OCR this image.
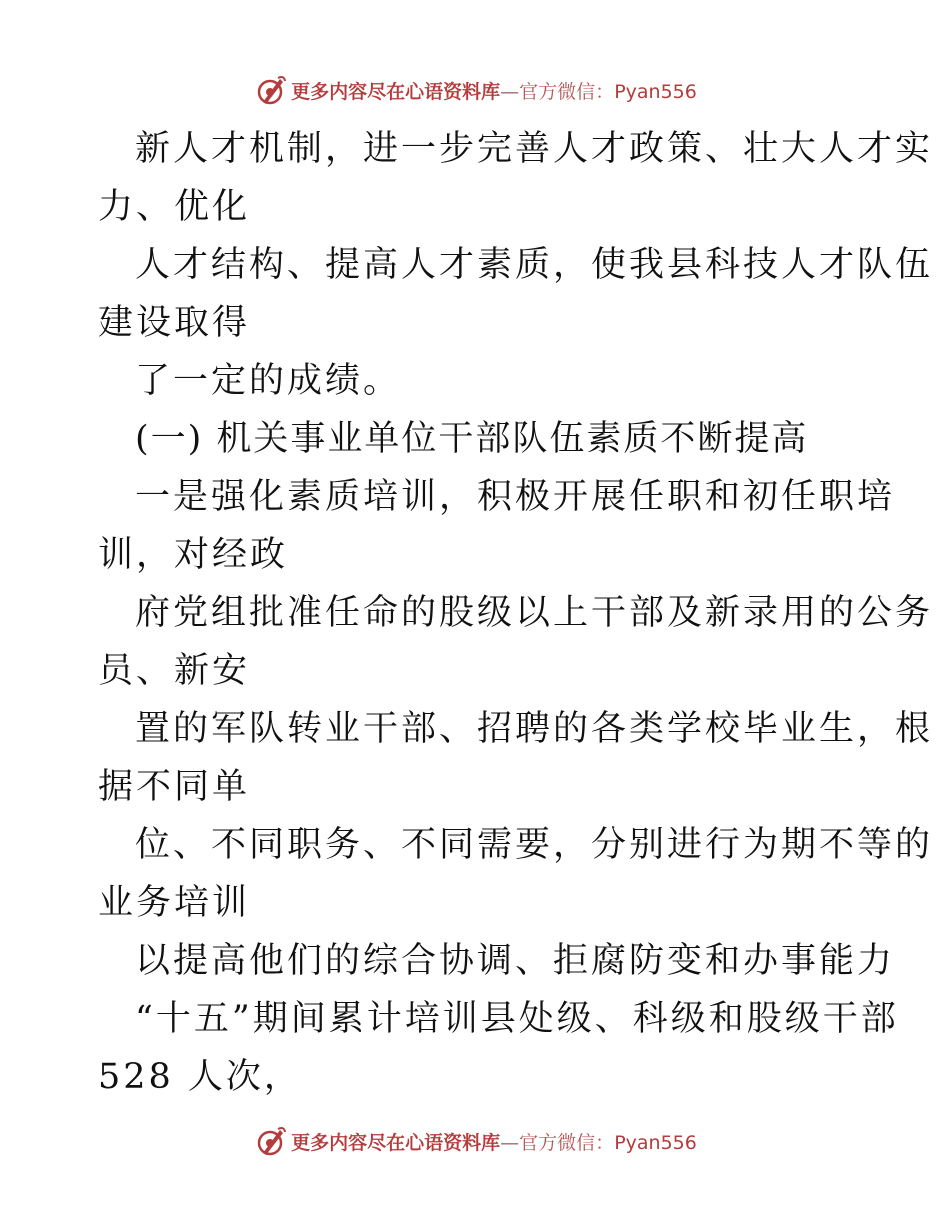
更多内容尽在心语资料库—官方微信：Pyan556
新人才机制，进一步完善人才政策、壮大人才实
力、优化
人才结构、提高人才素质，使我县科技人才队伍
建设取得
了一定的成绩。
(一) 机关事业单位干部队伍素质不断提高
一是强化素质培训，积极开展任职和初任职培
训，对经政
府党组批准任命的股级以上干部及新录用的公务
员、新安
置的军队转业干部、招聘的各类学校毕业生，根
据不同单
位、不同职务、不同需要，分别进行为期不等的
业务培训
以提高他们的综合协调、拒腐防变和办事能力
“十五”期间累计培训县处级、科级和股级干部
528 人次，
更多内容尽在心语资料库—官方微信：Pyan556
